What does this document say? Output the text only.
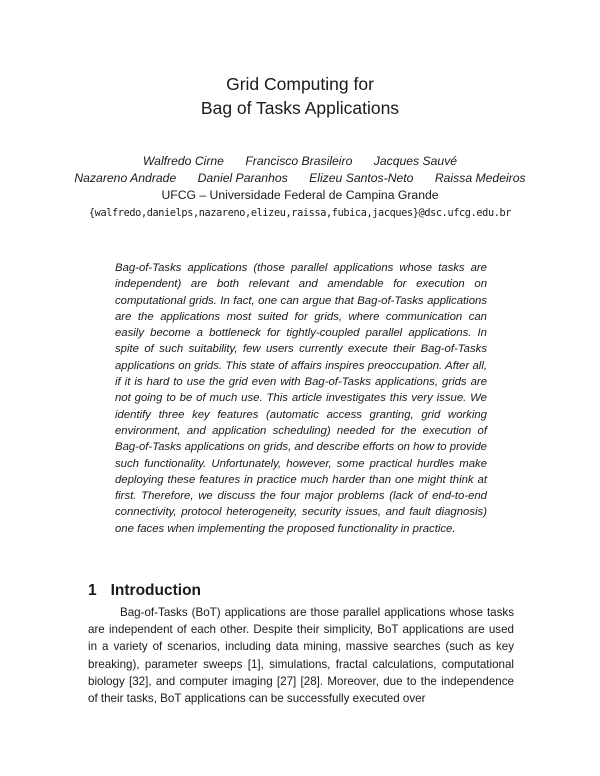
Grid Computing for
Bag of Tasks Applications
Walfredo Cirne Francisco Brasileiro Jacques Sauvé
Nazareno Andrade Daniel Paranhos Elizeu Santos-Neto Raissa Medeiros
UFCG – Universidade Federal de Campina Grande
{walfredo,danielps,nazareno,elizeu,raissa,fubica,jacques}@dsc.ufcg.edu.br

Bag-of-Tasks applications (those parallel applications whose tasks are independent) are both relevant and amendable for execution on computational grids. In fact, one can argue that Bag-of-Tasks applications are the applications most suited for grids, where communication can easily become a bottleneck for tightly-coupled parallel applications. In spite of such suitability, few users currently execute their Bag-of-Tasks applications on grids. This state of affairs inspires preoccupation. After all, if it is hard to use the grid even with Bag-of-Tasks applications, grids are not going to be of much use. This article investigates this very issue. We identify three key features (automatic access granting, grid working environment, and application scheduling) needed for the execution of Bag-of-Tasks applications on grids, and describe efforts on how to provide such functionality. Unfortunately, however, some practical hurdles make deploying these features in practice much harder than one might think at first. Therefore, we discuss the four major problems (lack of end-to-end connectivity, protocol heterogeneity, security issues, and fault diagnosis) one faces when implementing the proposed functionality in practice.

1 Introduction

Bag-of-Tasks (BoT) applications are those parallel applications whose tasks are independent of each other. Despite their simplicity, BoT applications are used in a variety of scenarios, including data mining, massive searches (such as key breaking), parameter sweeps [1], simulations, fractal calculations, computational biology [32], and computer imaging [27] [28]. Moreover, due to the independence of their tasks, BoT applications can be successfully executed over
